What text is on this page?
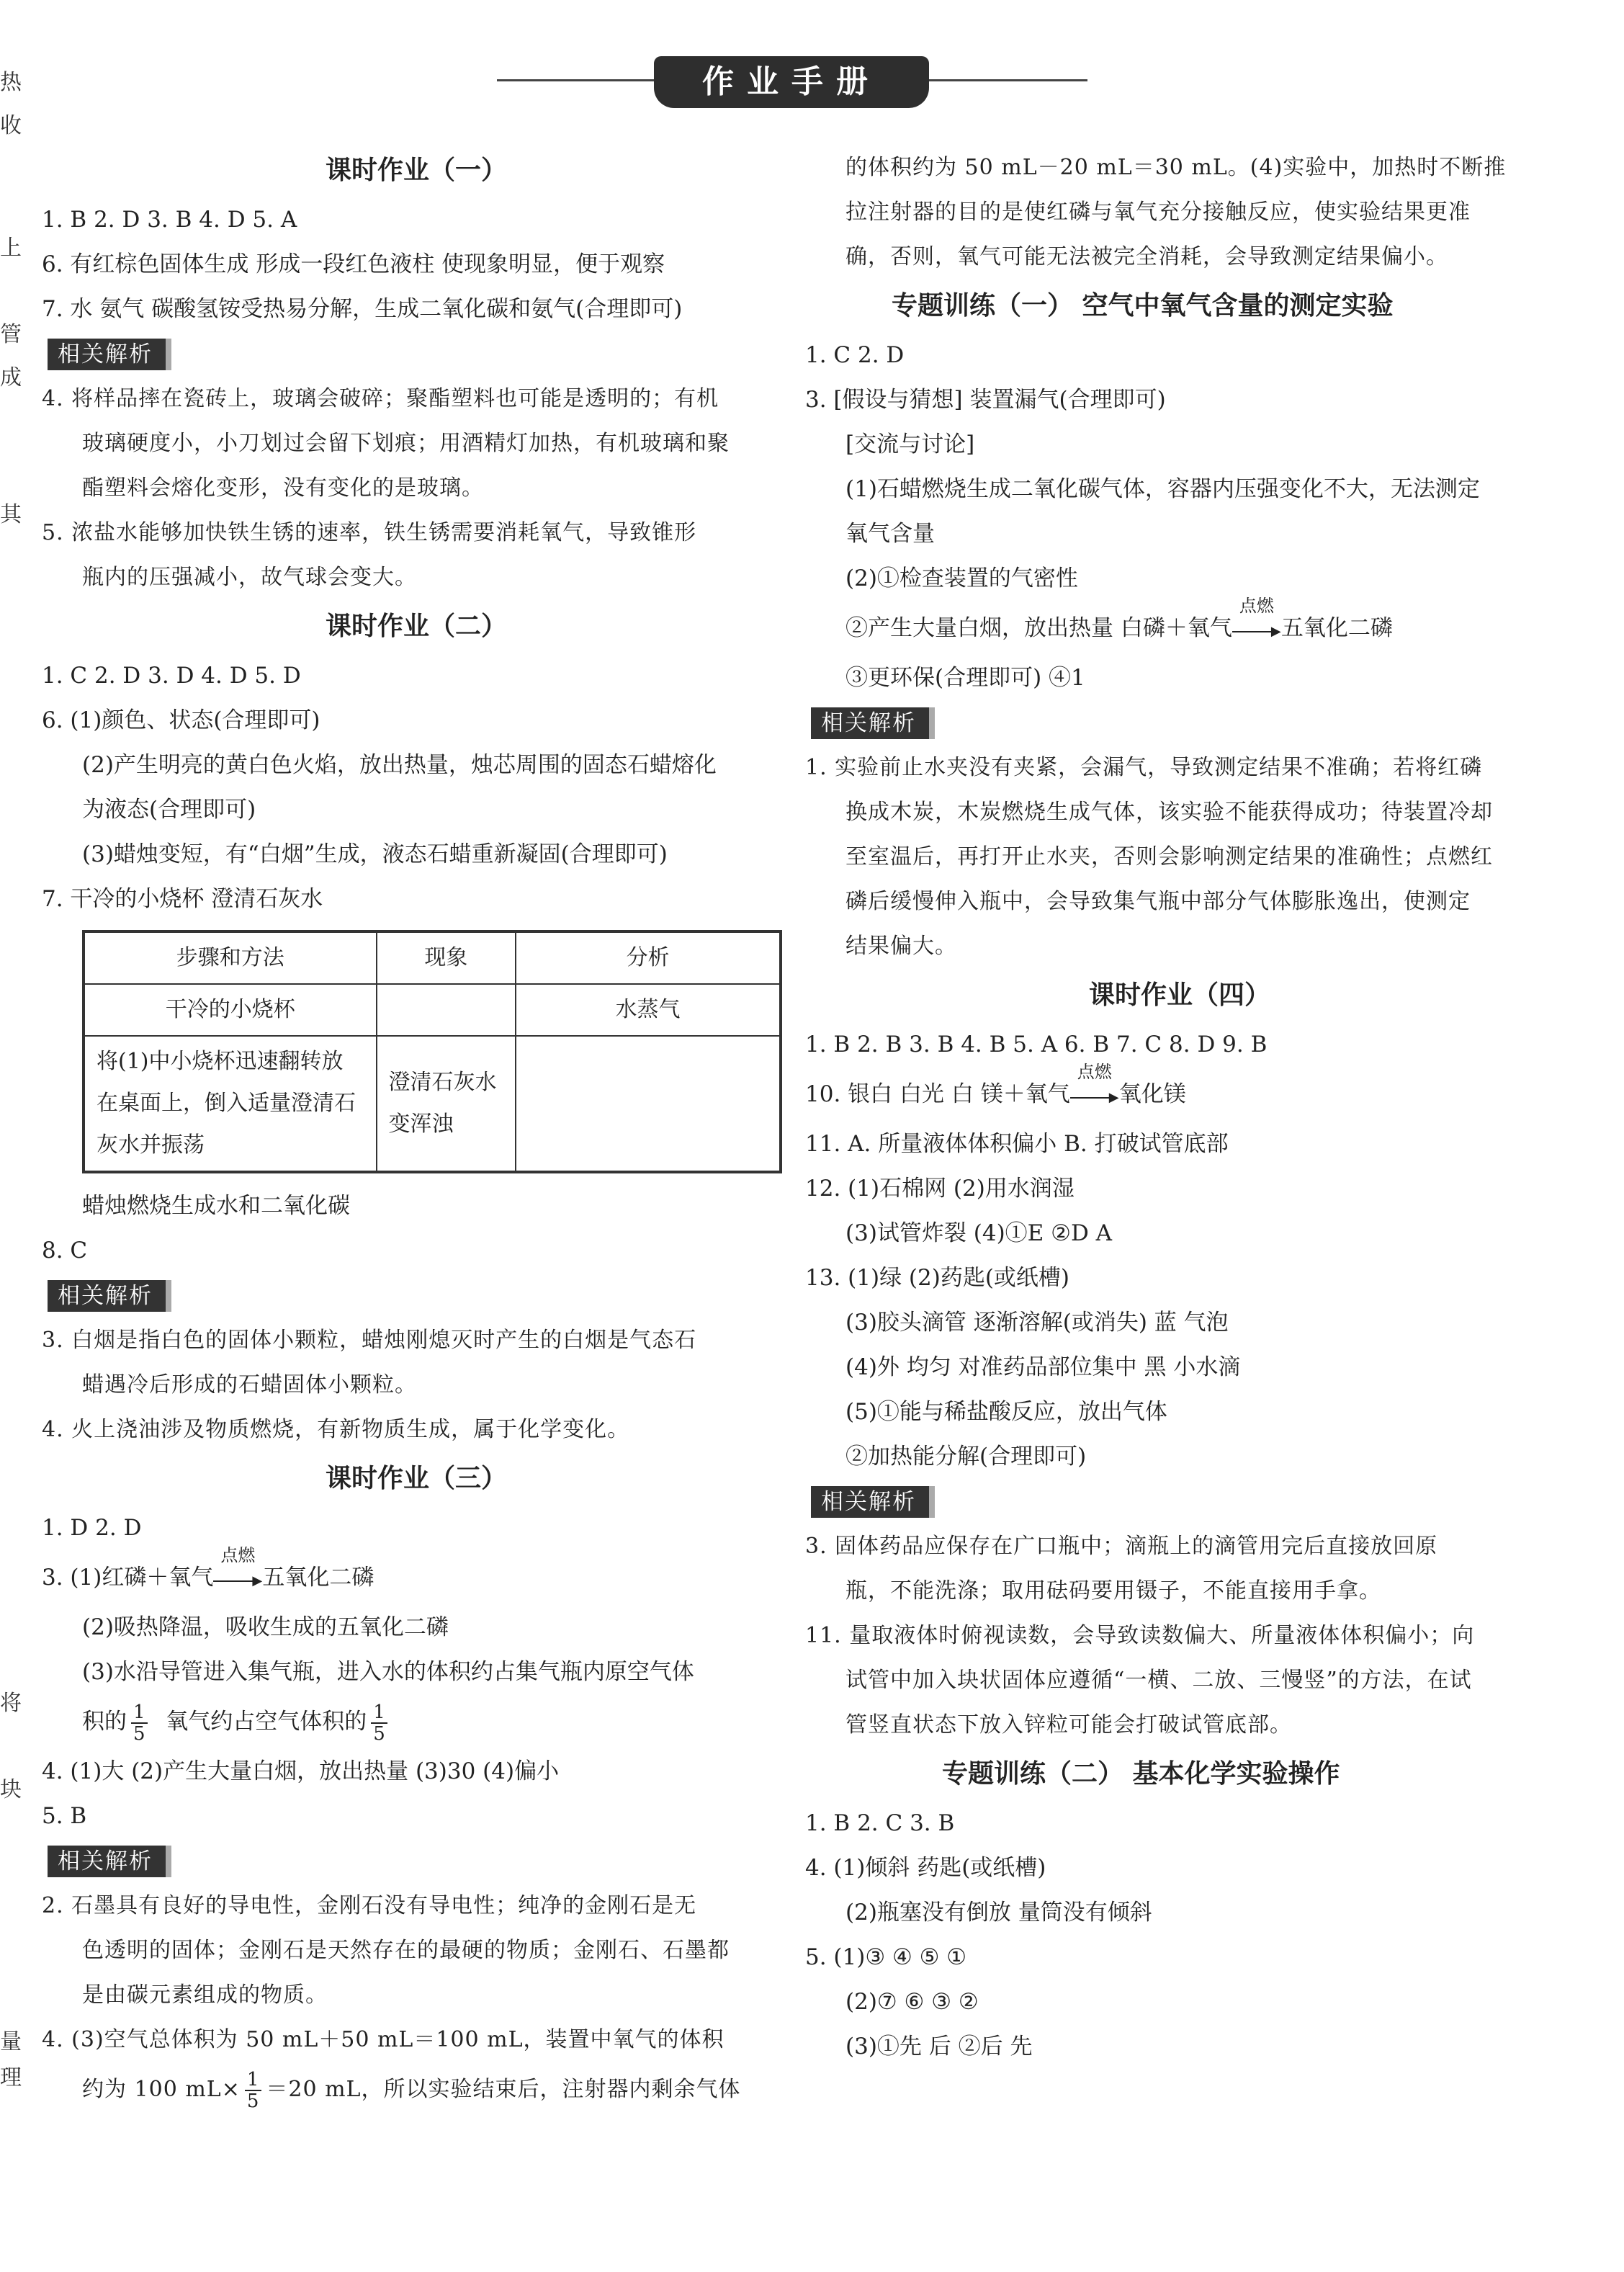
热
收
上
管
成
其
将
块
量
理
作业手册
课时作业（一）
1. B 2. D 3. B 4. D 5. A
6. 有红棕色固体生成 形成一段红色液柱 使现象明显，便于观察
7. 水 氨气 碳酸氢铵受热易分解，生成二氧化碳和氨气(合理即可)
相关解析
4. 将样品摔在瓷砖上，玻璃会破碎；聚酯塑料也可能是透明的；有机
玻璃硬度小，小刀划过会留下划痕；用酒精灯加热，有机玻璃和聚
酯塑料会熔化变形，没有变化的是玻璃。
5. 浓盐水能够加快铁生锈的速率，铁生锈需要消耗氧气，导致锥形
瓶内的压强减小，故气球会变大。
课时作业（二）
1. C 2. D 3. D 4. D 5. D
6. (1)颜色、状态(合理即可)
(2)产生明亮的黄白色火焰，放出热量，烛芯周围的固态石蜡熔化
为液态(合理即可)
(3)蜡烛变短，有“白烟”生成，液态石蜡重新凝固(合理即可)
7. 干冷的小烧杯 澄清石灰水
步骤和方法	现象	分析
干冷的小烧杯		水蒸气
将(1)中小烧杯迅速翻转放在桌面上，倒入适量澄清石灰水并振荡	澄清石灰水变浑浊	
蜡烛燃烧生成水和二氧化碳
8. C
相关解析
3. 白烟是指白色的固体小颗粒，蜡烛刚熄灭时产生的白烟是气态石
蜡遇冷后形成的石蜡固体小颗粒。
4. 火上浇油涉及物质燃烧，有新物质生成，属于化学变化。
课时作业（三）
1. D 2. D
3. (1)红磷＋氧气
点燃
▶ 五氧化二磷
(2)吸热降温，吸收生成的五氧化二磷
(3)水沿导管进入集气瓶，进入水的体积约占集气瓶内原空气体
积的 $\frac{1}{5}$ 氧气约占空气体积的 $\frac{1}{5}$
4. (1)大 (2)产生大量白烟，放出热量 (3)30 (4)偏小
5. B
相关解析
2. 石墨具有良好的导电性，金刚石没有导电性；纯净的金刚石是无
色透明的固体；金刚石是天然存在的最硬的物质；金刚石、石墨都
是由碳元素组成的物质。
4. (3)空气总体积为 50 mL＋50 mL＝100 mL，装置中氧气的体积
约为 100 $mL\times \frac{1}{5} =20$ mL，所以实验结束后，注射器内剩余气体
的体积约为 50 mL－20 mL＝30 mL。(4)实验中，加热时不断推
拉注射器的目的是使红磷与氧气充分接触反应，使实验结果更准
确，否则，氧气可能无法被完全消耗，会导致测定结果偏小。
专题训练（一） 空气中氧气含量的测定实验
1. C 2. D
3. [假设与猜想] 装置漏气(合理即可)
[交流与讨论]
(1)石蜡燃烧生成二氧化碳气体，容器内压强变化不大，无法测定
氧气含量
(2)①检查装置的气密性
②产生大量白烟，放出热量 白磷＋氧气
点燃
▶ 五氧化二磷
③更环保(合理即可) ④1
相关解析
1. 实验前止水夹没有夹紧，会漏气，导致测定结果不准确；若将红磷
换成木炭，木炭燃烧生成气体，该实验不能获得成功；待装置冷却
至室温后，再打开止水夹，否则会影响测定结果的准确性；点燃红
磷后缓慢伸入瓶中，会导致集气瓶中部分气体膨胀逸出，使测定
结果偏大。
课时作业（四）
1. B 2. B 3. B 4. B 5. A 6. B 7. C 8. D 9. B
10. 银白 白光 白 镁＋氧气
点燃
▶ 氧化镁
11. A. 所量液体体积偏小 B. 打破试管底部
12. (1)石棉网 (2)用水润湿
(3)试管炸裂 (4)①E ②D A
13. (1)绿 (2)药匙(或纸槽)
(3)胶头滴管 逐渐溶解(或消失) 蓝 气泡
(4)外 均匀 对准药品部位集中 黑 小水滴
(5)①能与稀盐酸反应，放出气体
②加热能分解(合理即可)
相关解析
3. 固体药品应保存在广口瓶中；滴瓶上的滴管用完后直接放回原
瓶，不能洗涤；取用砝码要用镊子，不能直接用手拿。
11. 量取液体时俯视读数，会导致读数偏大、所量液体体积偏小；向
试管中加入块状固体应遵循“一横、二放、三慢竖”的方法，在试
管竖直状态下放入锌粒可能会打破试管底部。
专题训练（二） 基本化学实验操作
1. B 2. C 3. B
4. (1)倾斜 药匙(或纸槽)
(2)瓶塞没有倒放 量筒没有倾斜
5. (1)③ ④ ⑤ ①
(2)⑦ ⑥ ③ ②
(3)①先 后 ②后 先
